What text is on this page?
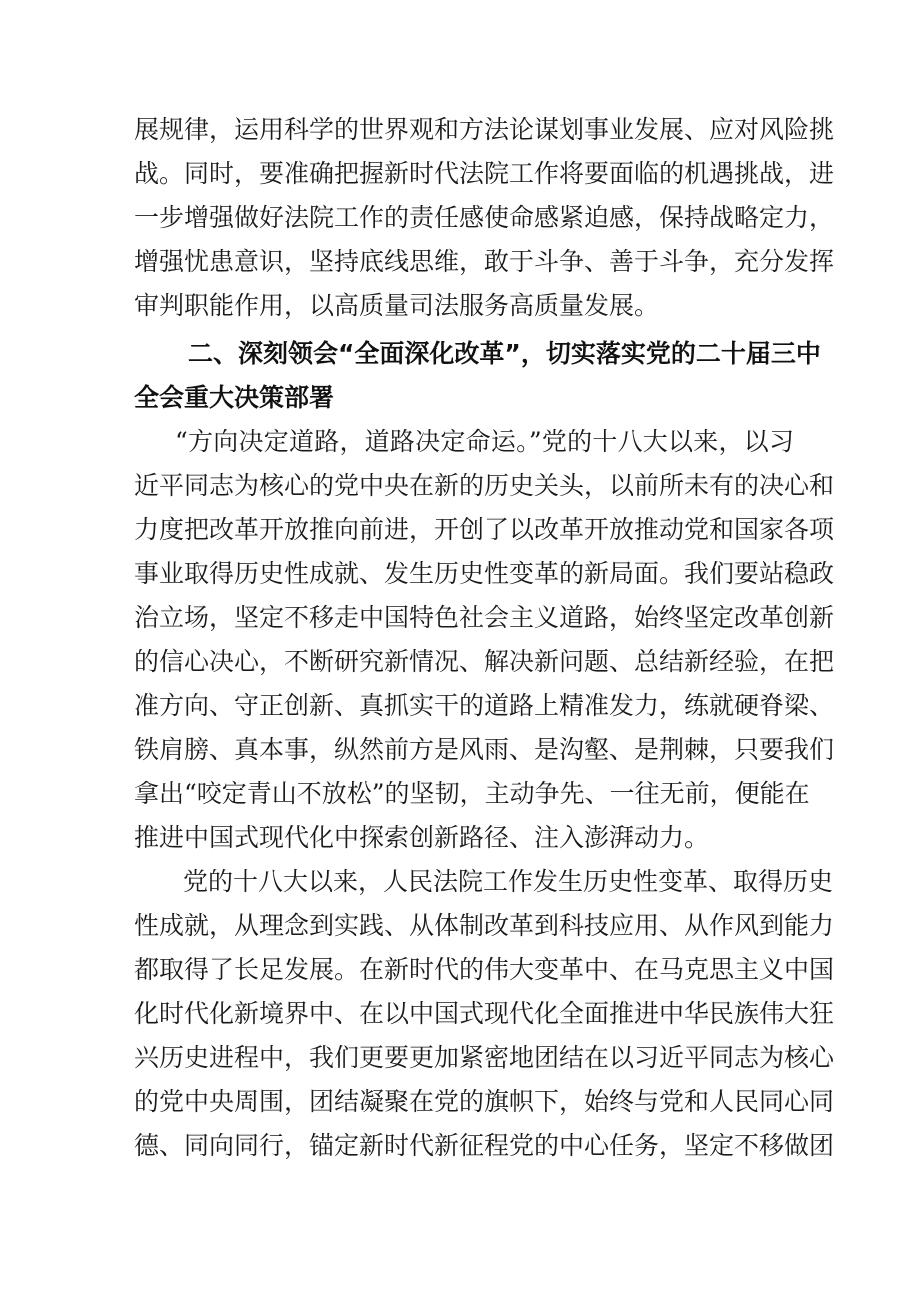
展规律，运用科学的世界观和方法论谋划事业发展、应对风险挑
战。同时，要准确把握新时代法院工作将要面临的机遇挑战，进
一步增强做好法院工作的责任感使命感紧迫感，保持战略定力，
增强忧患意识，坚持底线思维，敢于斗争、善于斗争，充分发挥
审判职能作用，以高质量司法服务高质量发展。
二、深刻领会“全面深化改革”，切实落实党的二十届三中
全会重大决策部署
“方向决定道路，道路决定命运。”党的十八大以来，以习
近平同志为核心的党中央在新的历史关头，以前所未有的决心和
力度把改革开放推向前进，开创了以改革开放推动党和国家各项
事业取得历史性成就、发生历史性变革的新局面。我们要站稳政
治立场，坚定不移走中国特色社会主义道路，始终坚定改革创新
的信心决心，不断研究新情况、解决新问题、总结新经验，在把
准方向、守正创新、真抓实干的道路上精准发力，练就硬脊梁、
铁肩膀、真本事，纵然前方是风雨、是沟壑、是荆棘，只要我们
拿出“咬定青山不放松”的坚韧，主动争先、一往无前，便能在
推进中国式现代化中探索创新路径、注入澎湃动力。
党的十八大以来，人民法院工作发生历史性变革、取得历史
性成就，从理念到实践、从体制改革到科技应用、从作风到能力
都取得了长足发展。在新时代的伟大变革中、在马克思主义中国
化时代化新境界中、在以中国式现代化全面推进中华民族伟大狂
兴历史进程中，我们更要更加紧密地团结在以习近平同志为核心
的党中央周围，团结凝聚在党的旗帜下，始终与党和人民同心同
德、同向同行，锚定新时代新征程党的中心任务，坚定不移做团
